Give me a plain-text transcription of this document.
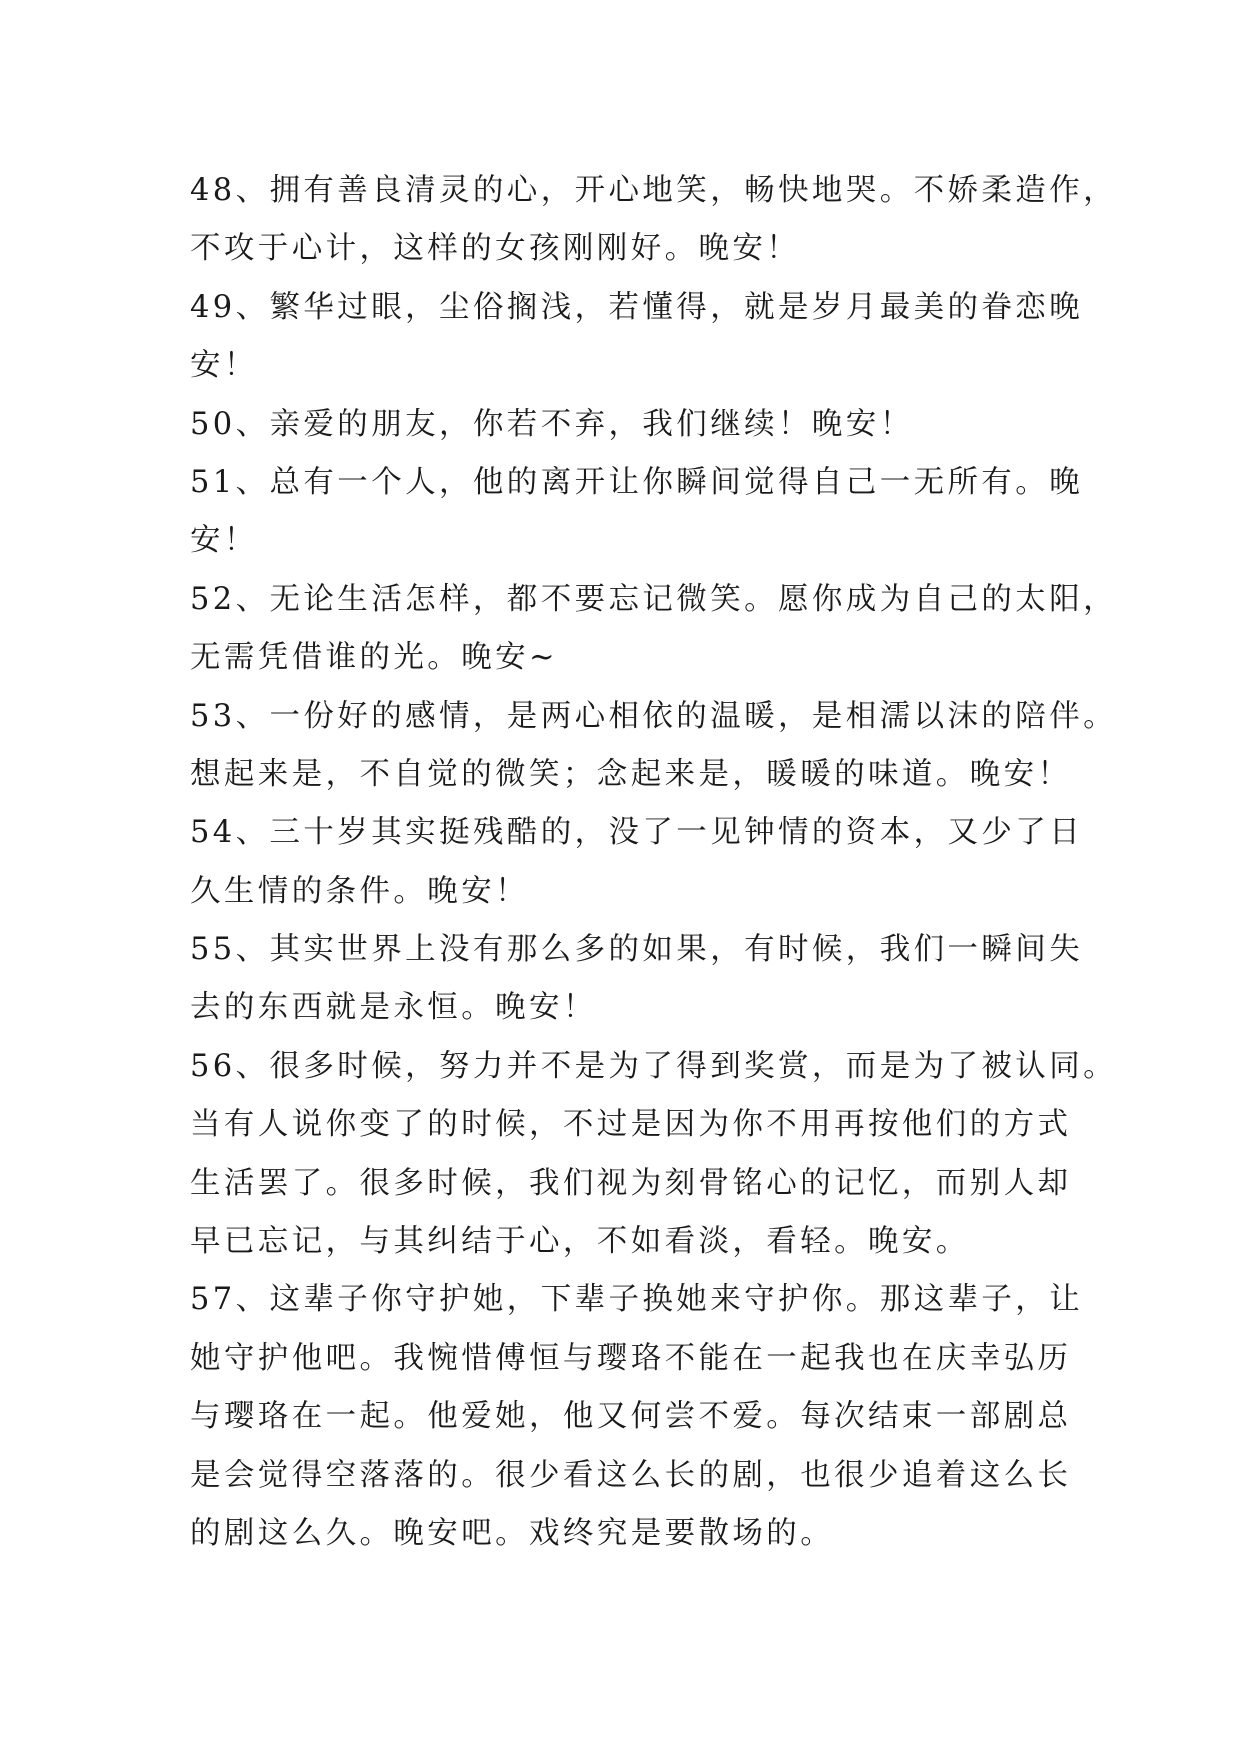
48、拥有善良清灵的心，开心地笑，畅快地哭。不娇柔造作，
不攻于心计，这样的女孩刚刚好。晚安！
49、繁华过眼，尘俗搁浅，若懂得，就是岁月最美的眷恋晚
安！
50、亲爱的朋友，你若不弃，我们继续！晚安！
51、总有一个人，他的离开让你瞬间觉得自己一无所有。晚
安！
52、无论生活怎样，都不要忘记微笑。愿你成为自己的太阳，
无需凭借谁的光。晚安~
53、一份好的感情，是两心相依的温暖，是相濡以沫的陪伴。
想起来是，不自觉的微笑；念起来是，暖暖的味道。晚安！
54、三十岁其实挺残酷的，没了一见钟情的资本，又少了日
久生情的条件。晚安！
55、其实世界上没有那么多的如果，有时候，我们一瞬间失
去的东西就是永恒。晚安！
56、很多时候，努力并不是为了得到奖赏，而是为了被认同。
当有人说你变了的时候，不过是因为你不用再按他们的方式
生活罢了。很多时候，我们视为刻骨铭心的记忆，而别人却
早已忘记，与其纠结于心，不如看淡，看轻。晚安。
57、这辈子你守护她，下辈子换她来守护你。那这辈子，让
她守护他吧。我惋惜傅恒与璎珞不能在一起我也在庆幸弘历
与璎珞在一起。他爱她，他又何尝不爱。每次结束一部剧总
是会觉得空落落的。很少看这么长的剧，也很少追着这么长
的剧这么久。晚安吧。戏终究是要散场的。
